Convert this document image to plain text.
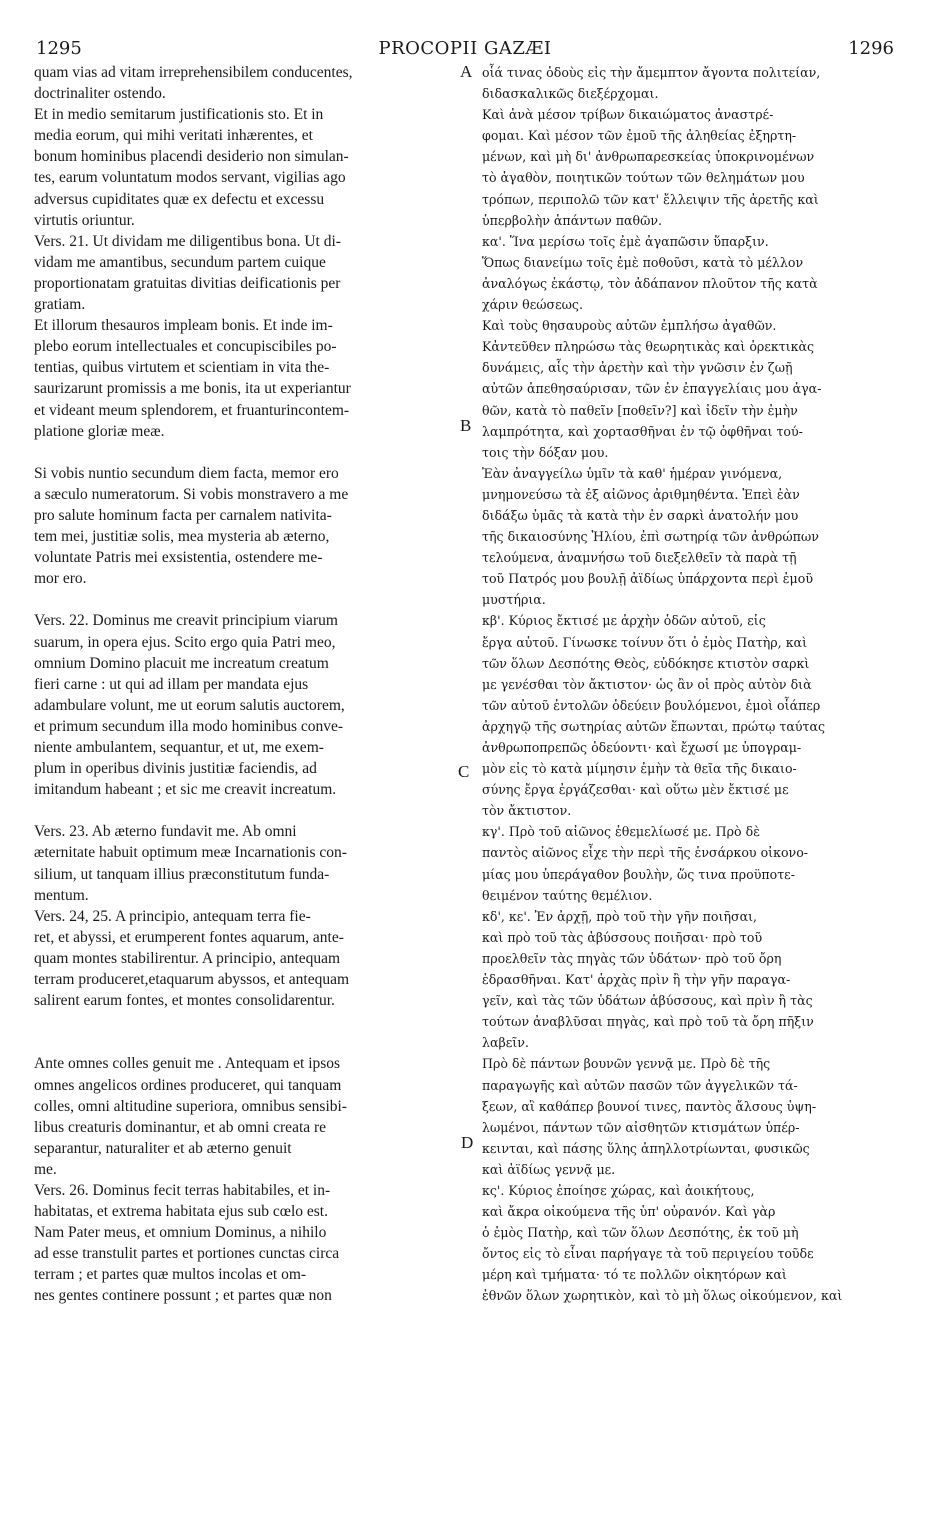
1295	PROCOPII GAZÆI	1296
quam vias ad vitam irreprehensibilem conducentes,
doctrinaliter ostendo.
Et in medio semitarum justificationis sto. Et in
media eorum, qui mihi veritati inhærentes, et
bonum hominibus placendi desiderio non simulan-
tes, earum voluntatum modos servant, vigilias ago
adversus cupiditates quæ ex defectu et excessu
virtutis oriuntur.
Vers. 21. Ut dividam me diligentibus bona. Ut di-
vidam me amantibus, secundum partem cuique
proportionatam gratuitas divitias deificationis per
gratiam.
Et illorum thesauros impleam bonis. Et inde im-
plebo eorum intellectuales et concupiscibiles po-
tentias, quibus virtutem et scientiam in vita the-
saurizarunt promissis a me bonis, ita ut experiantur
et videant meum splendorem, et fruanturincontem-
platione gloriæ meæ.
Si vobis nuntio secundum diem facta, memor ero
a sæculo numeratorum. Si vobis monstravero a me
pro salute hominum facta per carnalem nativita-
tem mei, justitiæ solis, mea mysteria ab æterno,
voluntate Patris mei exsistentia, ostendere me-
mor ero.
Vers. 22. Dominus me creavit principium viarum
suarum, in opera ejus. Scito ergo quia Patri meo,
omnium Domino placuit me increatum creatum
fieri carne : ut qui ad illam per mandata ejus
adambulare volunt, me ut eorum salutis auctorem,
et primum secundum illa modo hominibus conve-
niente ambulantem, sequantur, et ut, me exem-
plum in operibus divinis justitiæ faciendis, ad
imitandum habeant ; et sic me creavit increatum.
Vers. 23. Ab æterno fundavit me. Ab omni
æternitate habuit optimum meæ Incarnationis con-
silium, ut tanquam illius præconstitutum funda-
mentum.
Vers. 24, 25. A principio, antequam terra fie-
ret, et abyssi, et erumperent fontes aquarum, ante-
quam montes stabilirentur. A principio, antequam
terram produceret,etaquarum abyssos, et antequam
salirent earum fontes, et montes consolidarentur.
Ante omnes colles genuit me . Antequam et ipsos
omnes angelicos ordines produceret, qui tanquam
colles, omni altitudine superiora, omnibus sensibi-
libus creaturis dominantur, et ab omni creata re
separantur, naturaliter et ab æterno genuit
me.
Vers. 26. Dominus fecit terras habitabiles, et in-
habitatas, et extrema habitata ejus sub cœlo est.
Nam Pater meus, et omnium Dominus, a nihilo
ad esse transtulit partes et portiones cunctas circa
terram ; et partes quæ multos incolas et om-
nes gentes continere possunt ; et partes quæ non
οἷά τινας ὁδοὺς εἰς τὴν ἄμεμπτον ἄγοντα πολιτείαν,
διδασκαλικῶς διεξέρχομαι.
Καὶ ἀνὰ μέσον τρίβων δικαιώματος ἀναστρέ-
φομαι. Καὶ μέσον τῶν ἐμοῦ τῆς ἀληθείας ἐξηρτη-
μένων, καὶ μὴ δι' ἀνθρωπαρεσκείας ὑποκρινομένων
τὸ ἀγαθὸν, ποιητικῶν τούτων τῶν θελημάτων μου
τρόπων, περιπολῶ τῶν κατ' ἔλλειψιν τῆς ἀρετῆς καὶ
ὑπερβολὴν ἁπάντων παθῶν.
κα'. Ἵνα μερίσω τοῖς ἐμὲ ἀγαπῶσιν ὕπαρξιν.
Ὅπως διανείμω τοῖς ἐμὲ ποθοῦσι, κατὰ τὸ μέλλον
ἀναλόγως ἑκάστῳ, τὸν ἀδάπανον πλοῦτον τῆς κατὰ
χάριν θεώσεως.
Καὶ τοὺς θησαυροὺς αὐτῶν ἐμπλήσω ἀγαθῶν.
Κἀντεῦθεν πληρώσω τὰς θεωρητικὰς καὶ ὀρεκτικὰς
δυνάμεις, αἷς τὴν ἀρετὴν καὶ τὴν γνῶσιν ἐν ζωῇ
αὐτῶν ἀπεθησαύρισαν, τῶν ἐν ἐπαγγελίαις μου ἀγα-
θῶν, κατὰ τὸ παθεῖν [ποθεῖν?] καὶ ἰδεῖν τὴν ἐμὴν
λαμπρότητα, καὶ χορτασθῆναι ἐν τῷ ὀφθῆναι τού-
τοις τὴν δόξαν μου.
Ἐὰν ἀναγγείλω ὑμῖν τὰ καθ' ἡμέραν γινόμενα,
μνημονεύσω τὰ ἐξ αἰῶνος ἀριθμηθέντα. Ἐπεὶ ἐὰν
διδάξω ὑμᾶς τὰ κατὰ τὴν ἐν σαρκὶ ἀνατολήν μου
τῆς δικαιοσύνης Ἡλίου, ἐπὶ σωτηρίᾳ τῶν ἀνθρώπων
τελούμενα, ἀναμνήσω τοῦ διεξελθεῖν τὰ παρὰ τῇ
τοῦ Πατρός μου βουλῇ ἀϊδίως ὑπάρχοντα περὶ ἐμοῦ
μυστήρια.
κβ'. Κύριος ἔκτισέ με ἀρχὴν ὁδῶν αὐτοῦ, εἰς
ἔργα αὐτοῦ. Γίνωσκε τοίνυν ὅτι ὁ ἐμὸς Πατὴρ, καὶ
τῶν ὅλων Δεσπότης Θεὸς, εὐδόκησε κτιστὸν σαρκὶ
με γενέσθαι τὸν ἄκτιστον· ὡς ἂν οἱ πρὸς αὐτὸν διὰ
τῶν αὐτοῦ ἐντολῶν ὁδεύειν βουλόμενοι, ἐμοὶ οἷάπερ
ἀρχηγῷ τῆς σωτηρίας αὐτῶν ἕπωνται, πρώτῳ ταύτας
ἀνθρωποπρεπῶς ὁδεύοντι· καὶ ἔχωσί με ὑπογραμ-
μὸν εἰς τὸ κατὰ μίμησιν ἐμὴν τὰ θεῖα τῆς δικαιο-
σύνης ἔργα ἐργάζεσθαι· καὶ οὕτω μὲν ἔκτισέ με
τὸν ἄκτιστον.
κγ'. Πρὸ τοῦ αἰῶνος ἐθεμελίωσέ με. Πρὸ δὲ
παντὸς αἰῶνος εἶχε τὴν περὶ τῆς ἐνσάρκου οἰκονο-
μίας μου ὑπεράγαθον βουλὴν, ὥς τινα προϋποτε-
θειμένον ταύτης θεμέλιον.
κδ', κε'. Ἐν ἀρχῇ, πρὸ τοῦ τὴν γῆν ποιῆσαι,
καὶ πρὸ τοῦ τὰς ἀβύσσους ποιῆσαι· πρὸ τοῦ
προελθεῖν τὰς πηγὰς τῶν ὑδάτων· πρὸ τοῦ ὄρη
ἑδρασθῆναι. Κατ' ἀρχὰς πρὶν ἢ τὴν γῆν παραγα-
γεῖν, καὶ τὰς τῶν ὑδάτων ἀβύσσους, καὶ πρὶν ἢ τὰς
τούτων ἀναβλῦσαι πηγὰς, καὶ πρὸ τοῦ τὰ ὄρη πῆξιν
λαβεῖν.
Πρὸ δὲ πάντων βουνῶν γεννᾷ με. Πρὸ δὲ τῆς
παραγωγῆς καὶ αὐτῶν πασῶν τῶν ἀγγελικῶν τά-
ξεων, αἳ καθάπερ βουνοί τινες, παντὸς ἄλσους ὑψη-
λωμένοι, πάντων τῶν αἰσθητῶν κτισμάτων ὑπέρ-
κεινται, καὶ πάσης ὕλης ἀπηλλοτρίωνται, φυσικῶς
καὶ ἀϊδίως γεννᾷ με.
κς'. Κύριος ἐποίησε χώρας, καὶ ἀοικήτους,
καὶ ἄκρα οἰκούμενα τῆς ὑπ' οὐρανόν. Καὶ γὰρ
ὁ ἐμὸς Πατὴρ, καὶ τῶν ὅλων Δεσπότης, ἐκ τοῦ μὴ
ὄντος εἰς τὸ εἶναι παρήγαγε τὰ τοῦ περιγείου τοῦδε
μέρη καὶ τμήματα· τό τε πολλῶν οἰκητόρων καὶ
ἐθνῶν ὅλων χωρητικὸν, καὶ τὸ μὴ ὅλως οἰκούμενον, καὶ
A
B
C
D
